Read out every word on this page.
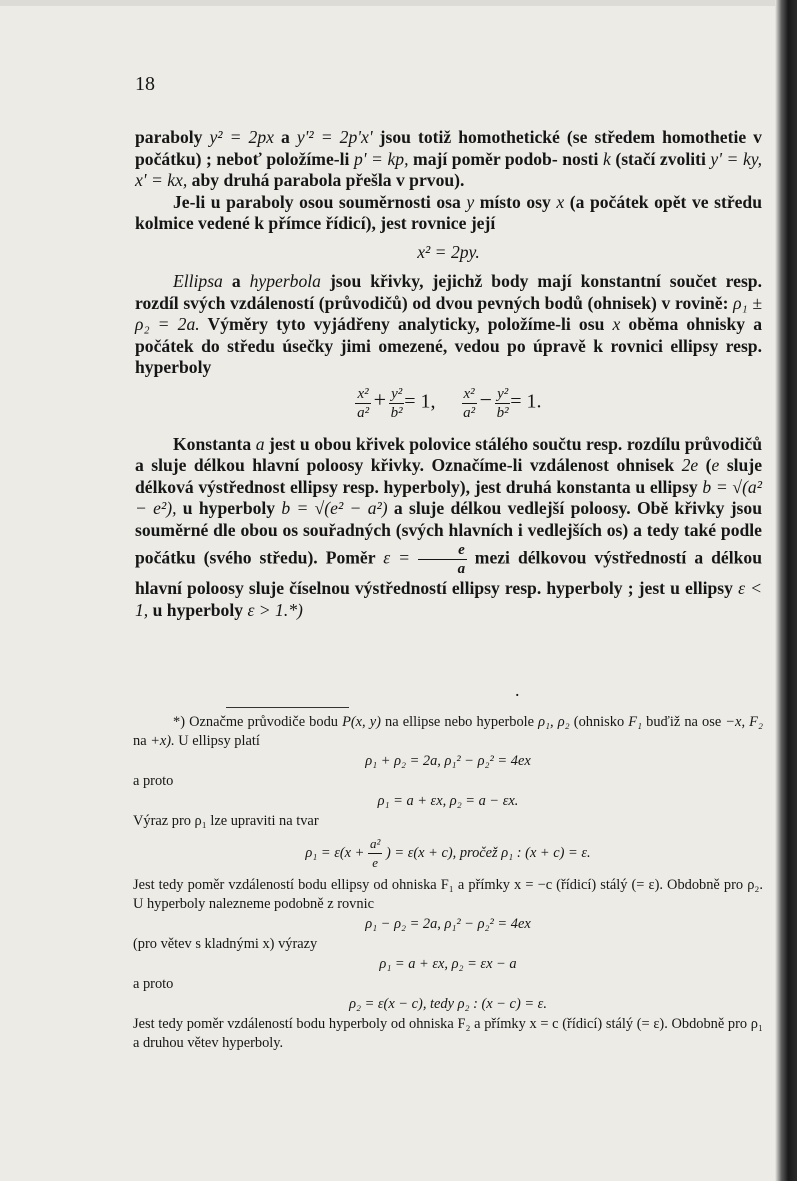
18
paraboly y² = 2px a y'² = 2p'x' jsou totiž homothetické (se středem homothetie v počátku) ; neboť položíme-li p' = kp, mají poměr podob- nosti k (stačí zvoliti y' = ky, x' = kx, aby druhá parabola přešla v prvou).
Je-li u paraboly osou souměrnosti osa y místo osy x (a počátek opět ve středu kolmice vedené k přímce řídicí), jest rovnice její
x² = 2py.
Ellipsa a hyperbola jsou křivky, jejichž body mají konstantní součet resp. rozdíl svých vzdáleností (průvodičů) od dvou pevných bodů (ohnisek) v rovině: ρ₁ ± ρ₂ = 2a. Výměry tyto vyjádřeny analyticky, položíme-li osu x oběma ohnisky a počátek do středu úsečky jimi omezené, vedou po úpravě k rovnici ellipsy resp. hyperboly
$\frac{\text{x²}}{\text{a²}} + \frac{\text{y²}}{\text{b²}} = 1$, $\frac{\text{x²}}{\text{a²}} - \frac{\text{y²}}{\text{b²}} = 1$.
Konstanta a jest u obou křivek polovice stálého součtu resp. rozdílu průvodičů a sluje délkou hlavní poloosy křivky. Označíme-li vzdálenost ohnisek 2e (e sluje délková výstřednost ellipsy resp. hyperboly), jest druhá konstanta u ellipsy b = √(a² − e²), u hyperboly b = √(e² − a²) a sluje délkou vedlejší poloosy. Obě křivky jsou souměrné dle obou os souřadných (svých hlavních i vedlejších os) a tedy také podle počátku (svého středu). Poměr $\varepsilon = \frac{e}{a}$ mezi délkovou výstředností a délkou hlavní poloosy sluje číselnou výstředností ellipsy resp. hyperboly ; jest u ellipsy ε < 1, u hyperboly ε > 1.*)
.
*) Označme průvodiče bodu P(x, y) na ellipse nebo hyperbole ρ₁, ρ₂ (ohnisko F₁ buďiž na ose −x, F₂ na +x). U ellipsy platí
ρ₁ + ρ₂ = 2a, ρ₁² − ρ₂² = 4ex
a proto
ρ₁ = a + εx, ρ₂ = a − εx.
Výraz pro ρ₁ lze upraviti na tvar
$\rho_1 = \varepsilon(x + \frac{\text{a²}}{e}$ ) = ε(x + c), pročež ρ₁ : (x + c) = ε.
Jest tedy poměr vzdáleností bodu ellipsy od ohniska F₁ a přímky x = −c (řídicí) stálý (= ε). Obdobně pro ρ₂. U hyperboly nalezneme podobně z rovnic
ρ₁ − ρ₂ = 2a, ρ₁² − ρ₂² = 4ex
(pro větev s kladnými x) výrazy
ρ₁ = a + εx, ρ₂ = εx − a
a proto
ρ₂ = ε(x − c), tedy ρ₂ : (x − c) = ε.
Jest tedy poměr vzdáleností bodu hyperboly od ohniska F₂ a přímky x = c (řídicí) stálý (= ε). Obdobně pro ρ₁ a druhou větev hyperboly.
